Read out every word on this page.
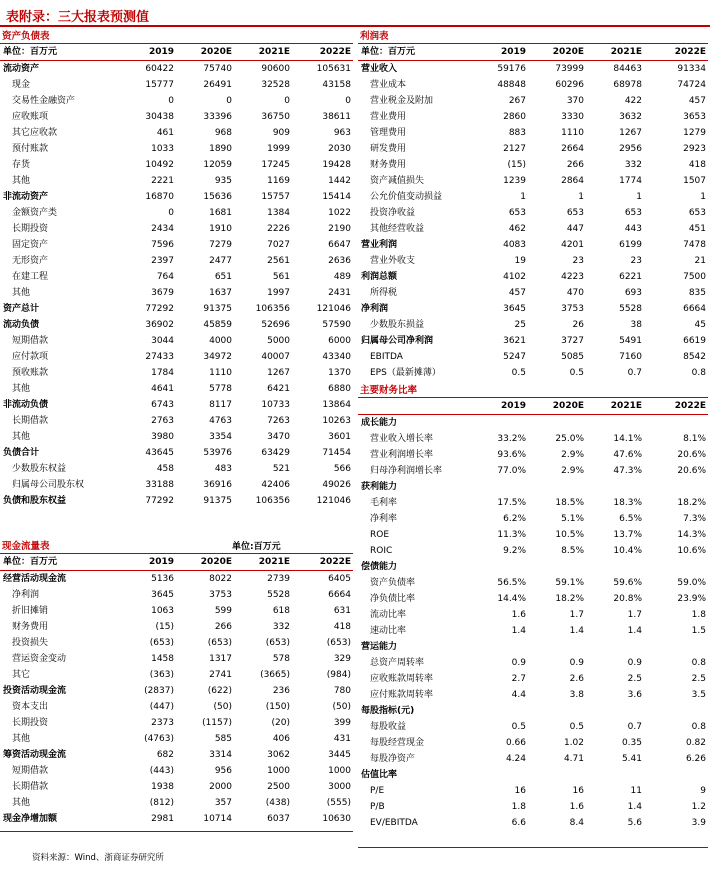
表附录：三大报表预测值
资产负债表
单位：百万元	2019	2020E	2021E	2022E
流动资产	60422	75740	90600	105631
现金	15777	26491	32528	43158
交易性金融资产	0	0	0	0
应收账项	30438	33396	36750	38611
其它应收款	461	968	909	963
预付账款	1033	1890	1999	2030
存货	10492	12059	17245	19428
其他	2221	935	1169	1442
非流动资产	16870	15636	15757	15414
金额资产类	0	1681	1384	1022
长期投资	2434	1910	2226	2190
固定资产	7596	7279	7027	6647
无形资产	2397	2477	2561	2636
在建工程	764	651	561	489
其他	3679	1637	1997	2431
资产总计	77292	91375	106356	121046
流动负债	36902	45859	52696	57590
短期借款	3044	4000	5000	6000
应付款项	27433	34972	40007	43340
预收账款	1784	1110	1267	1370
其他	4641	5778	6421	6880
非流动负债	6743	8117	10733	13864
长期借款	2763	4763	7263	10263
其他	3980	3354	3470	3601
负债合计	43645	53976	63429	71454
少数股东权益	458	483	521	566
归属母公司股东权	33188	36916	42406	49026
负债和股东权益	77292	91375	106356	121046
现金流量表	单位:百万元
单位：百万元	2019	2020E	2021E	2022E
经营活动现金流	5136	8022	2739	6405
净利润	3645	3753	5528	6664
折旧摊销	1063	599	618	631
财务费用	(15)	266	332	418
投资损失	(653)	(653)	(653)	(653)
营运资金变动	1458	1317	578	329
其它	(363)	2741	(3665)	(984)
投资活动现金流	(2837)	(622)	236	780
资本支出	(447)	(50)	(150)	(50)
长期投资	2373	(1157)	(20)	399
其他	(4763)	585	406	431
筹资活动现金流	682	3314	3062	3445
短期借款	(443)	956	1000	1000
长期借款	1938	2000	2500	3000
其他	(812)	357	(438)	(555)
现金净增加额	2981	10714	6037	10630
利润表
单位：百万元	2019	2020E	2021E	2022E
营业收入	59176	73999	84463	91334
营业成本	48848	60296	68978	74724
营业税金及附加	267	370	422	457
营业费用	2860	3330	3632	3653
管理费用	883	1110	1267	1279
研发费用	2127	2664	2956	2923
财务费用	(15)	266	332	418
资产减值损失	1239	2864	1774	1507
公允价值变动损益	1	1	1	1
投资净收益	653	653	653	653
其他经营收益	462	447	443	451
营业利润	4083	4201	6199	7478
营业外收支	19	23	23	21
利润总额	4102	4223	6221	7500
所得税	457	470	693	835
净利润	3645	3753	5528	6664
少数股东损益	25	26	38	45
归属母公司净利润	3621	3727	5491	6619
EBITDA	5247	5085	7160	8542
EPS（最新摊薄）	0.5	0.5	0.7	0.8
主要财务比率
	2019	2020E	2021E	2022E
成长能力				
营业收入增长率	33.2%	25.0%	14.1%	8.1%
营业利润增长率	93.6%	2.9%	47.6%	20.6%
归母净利润增长率	77.0%	2.9%	47.3%	20.6%
获利能力				
毛利率	17.5%	18.5%	18.3%	18.2%
净利率	6.2%	5.1%	6.5%	7.3%
ROE	11.3%	10.5%	13.7%	14.3%
ROIC	9.2%	8.5%	10.4%	10.6%
偿债能力				
资产负债率	56.5%	59.1%	59.6%	59.0%
净负债比率	14.4%	18.2%	20.8%	23.9%
流动比率	1.6	1.7	1.7	1.8
速动比率	1.4	1.4	1.4	1.5
营运能力				
总资产周转率	0.9	0.9	0.9	0.8
应收账款周转率	2.7	2.6	2.5	2.5
应付账款周转率	4.4	3.8	3.6	3.5
每股指标(元)				
每股收益	0.5	0.5	0.7	0.8
每股经营现金	0.66	1.02	0.35	0.82
每股净资产	4.24	4.71	5.41	6.26
估值比率				
P/E	16	16	11	9
P/B	1.8	1.6	1.4	1.2
EV/EBITDA	6.6	8.4	5.6	3.9
资料来源：Wind、浙商证券研究所
